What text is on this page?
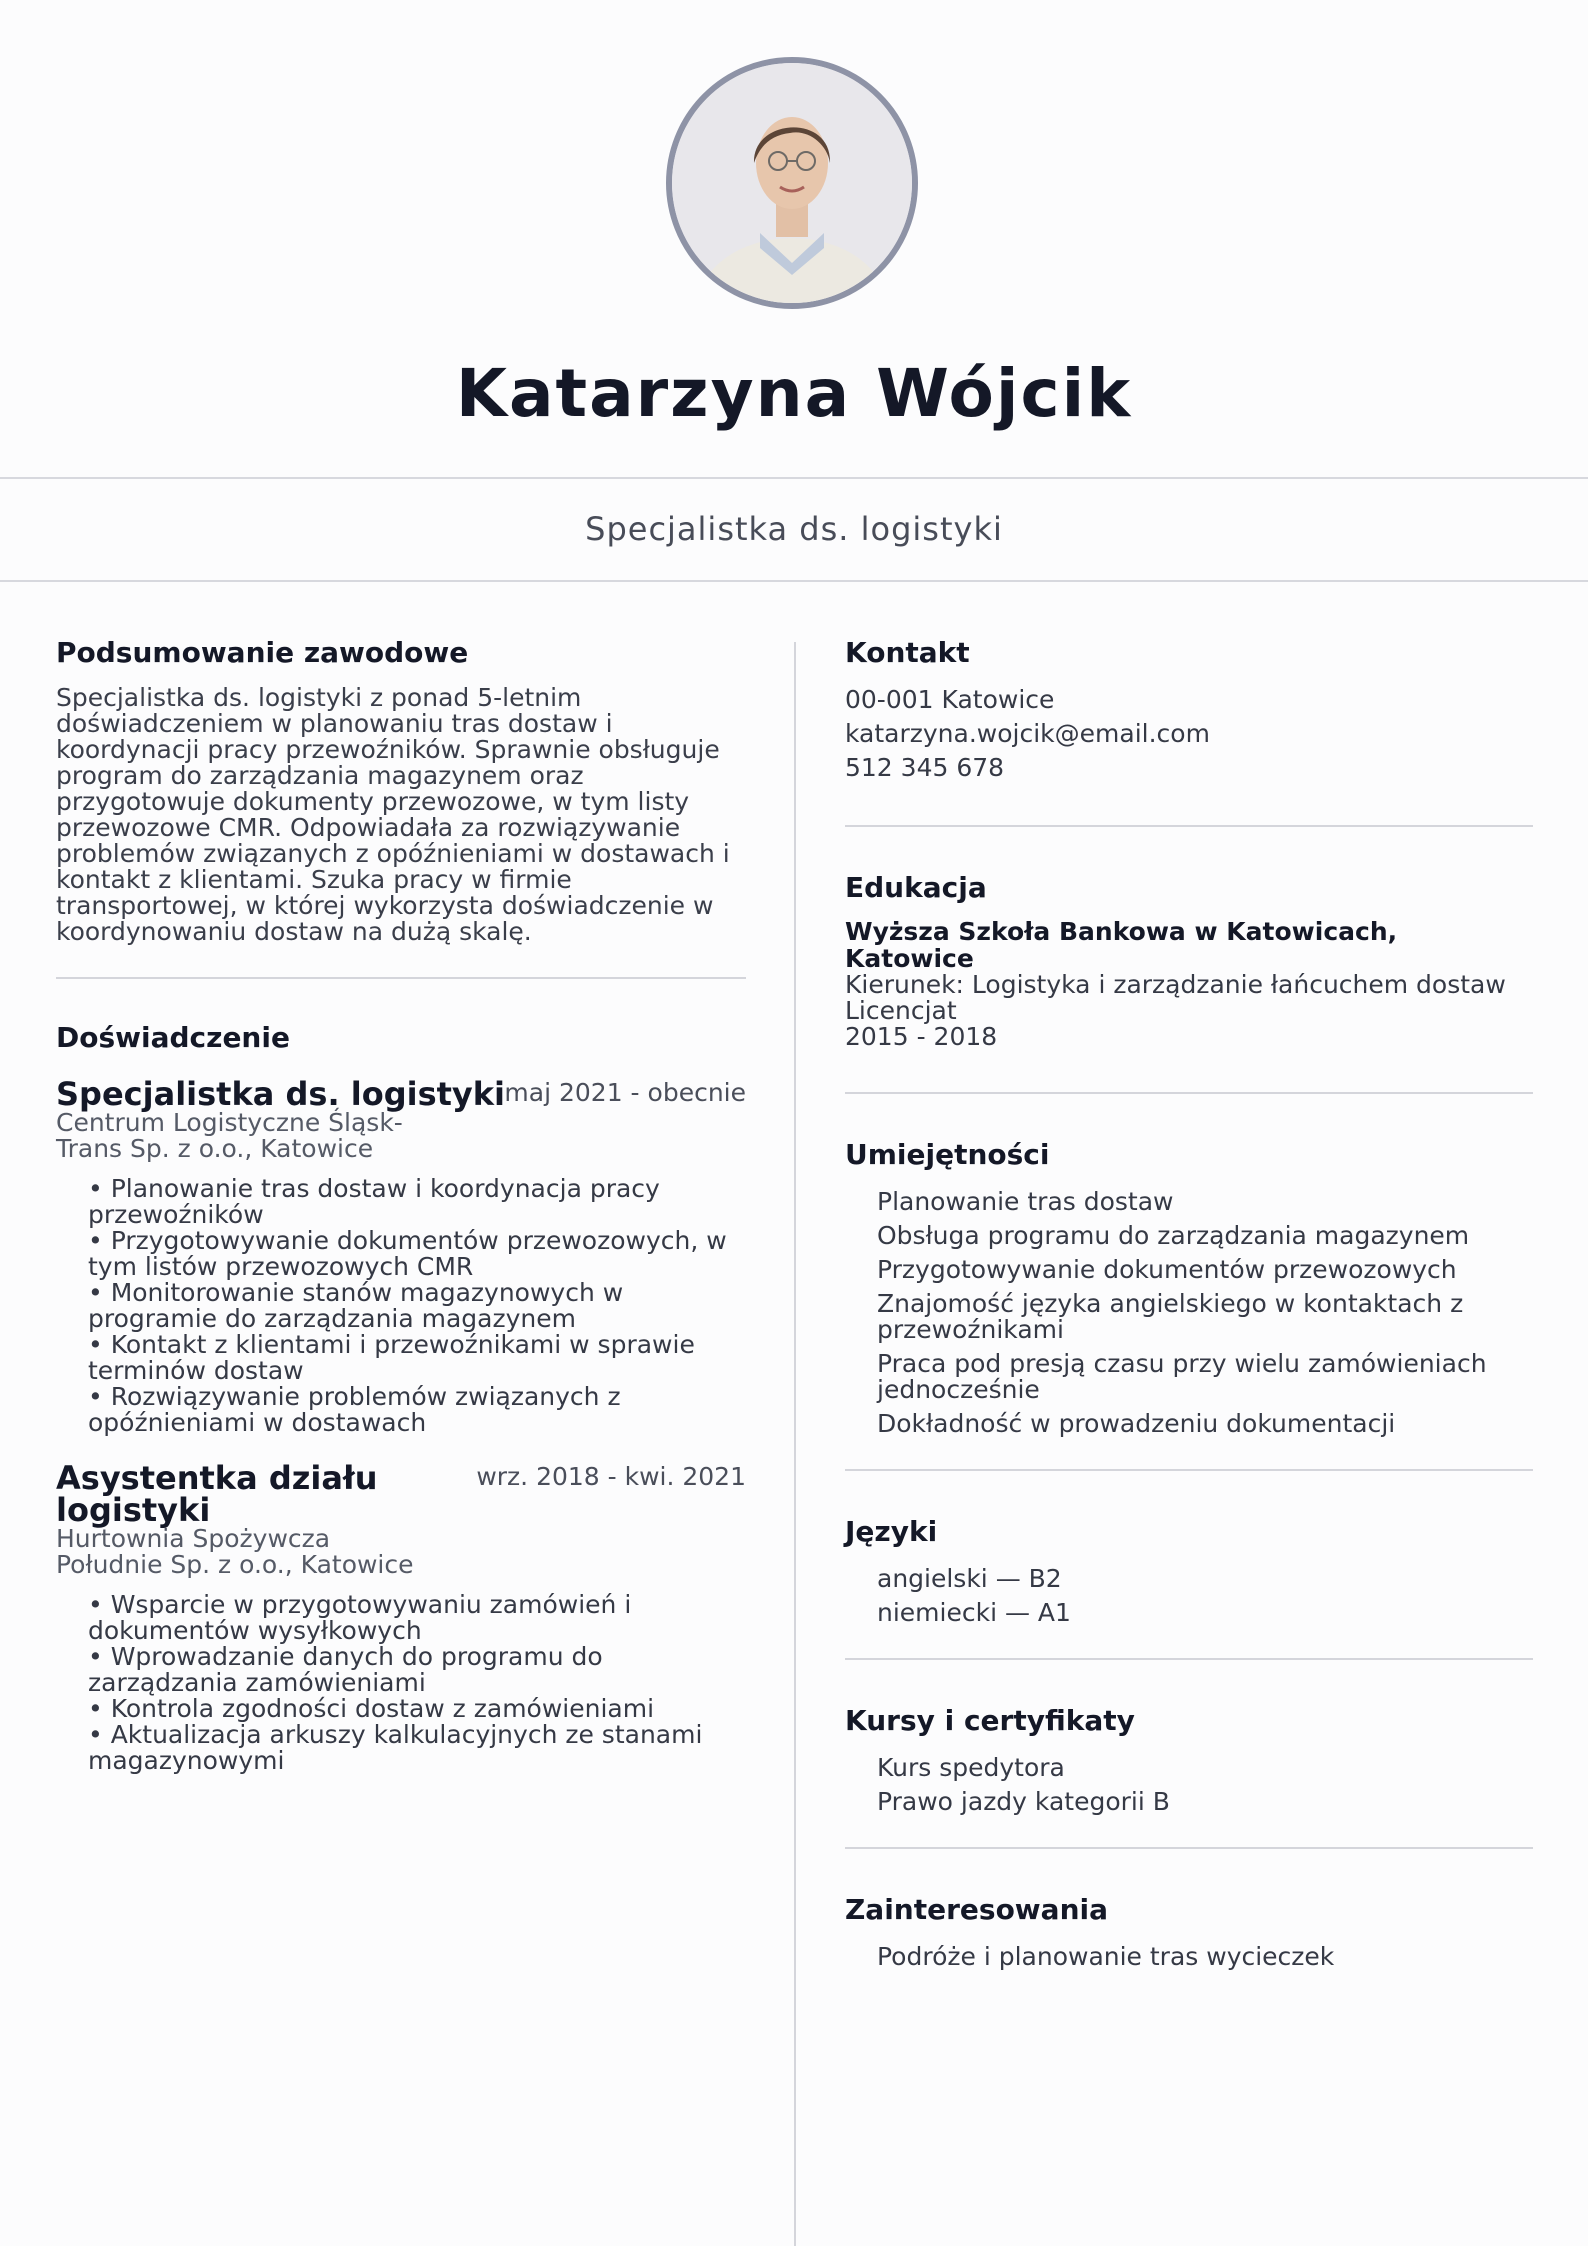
Katarzyna Wójcik
Specjalistka ds. logistyki
Podsumowanie zawodowe

Specjalistka ds. logistyki z ponad 5-letnim doświadczeniem w planowaniu tras dostaw i koordynacji pracy przewoźników. Sprawnie obsługuje program do zarządzania magazynem oraz przygotowuje dokumenty przewozowe, w tym listy przewozowe CMR. Odpowiadała za rozwiązywanie problemów związanych z opóźnieniami w dostawach i kontakt z klientami. Szuka pracy w firmie transportowej, w której wykorzysta doświadczenie w koordynowaniu dostaw na dużą skalę.

Doświadczenie
Specjalistka ds. logistyki maj 2021 - obecnie
Centrum Logistyczne Śląsk-
Trans Sp. z o.o., Katowice
• Planowanie tras dostaw i koordynacja pracy przewoźników
• Przygotowywanie dokumentów przewozowych, w tym listów przewozowych CMR
• Monitorowanie stanów magazynowych w programie do zarządzania magazynem
• Kontakt z klientami i przewoźnikami w sprawie terminów dostaw
• Rozwiązywanie problemów związanych z opóźnieniami w dostawach
Asystentka działu
logistyki
wrz. 2018 - kwi. 2021
Hurtownia Spożywcza
Południe Sp. z o.o., Katowice
• Wsparcie w przygotowywaniu zamówień i dokumentów wysyłkowych
• Wprowadzanie danych do programu do zarządzania zamówieniami
• Kontrola zgodności dostaw z zamówieniami
• Aktualizacja arkuszy kalkulacyjnych ze stanami magazynowymi
Kontakt
00-001 Katowice
katarzyna.wojcik@email.com
512 345 678
Edukacja
Wyższa Szkoła Bankowa w Katowicach, Katowice
Kierunek: Logistyka i zarządzanie łańcuchem dostaw
Licencjat
2015 - 2018
Umiejętności
Planowanie tras dostaw
Obsługa programu do zarządzania magazynem
Przygotowywanie dokumentów przewozowych
Znajomość języka angielskiego w kontaktach z przewoźnikami
Praca pod presją czasu przy wielu zamówieniach jednocześnie
Dokładność w prowadzeniu dokumentacji
Języki
angielski — B2
niemiecki — A1
Kursy i certyfikaty
Kurs spedytora
Prawo jazdy kategorii B
Zainteresowania
Podróże i planowanie tras wycieczek
